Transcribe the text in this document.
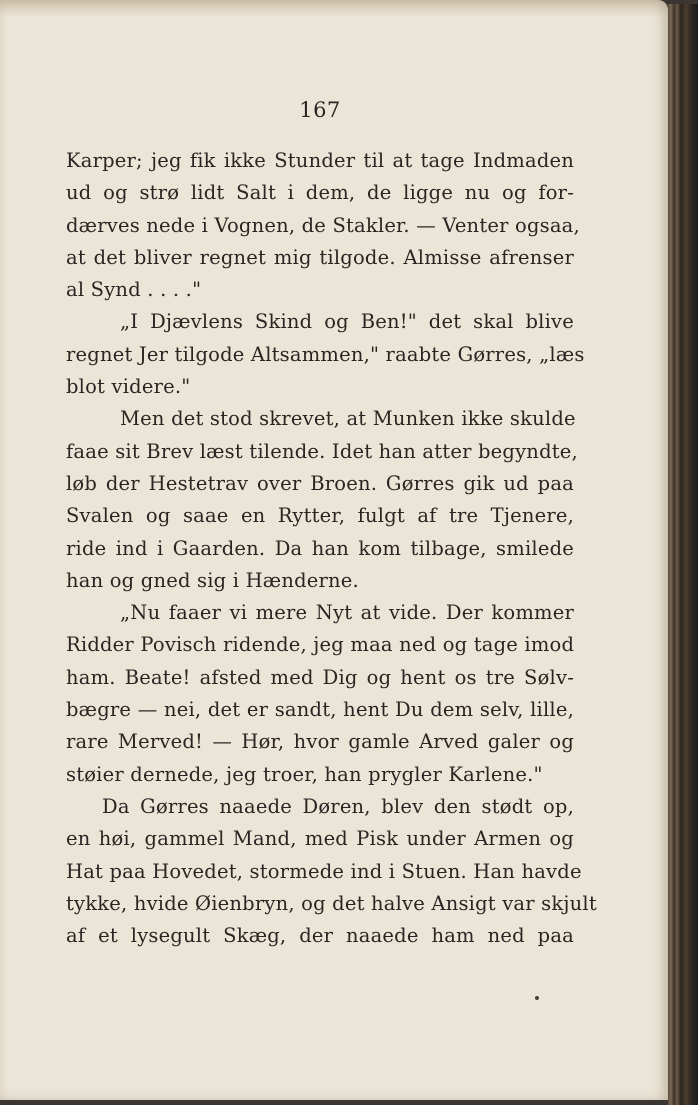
167
Karper; jeg fik ikke Stunder til at tage Indmaden
ud og strø lidt Salt i dem, de ligge nu og for-
dærves nede i Vognen, de Stakler. — Venter ogsaa,
at det bliver regnet mig tilgode. Almisse afrenser
al Synd . . . ."
„I Djævlens Skind og Ben!" det skal blive
regnet Jer tilgode Altsammen," raabte Gørres, „læs
blot videre."
Men det stod skrevet, at Munken ikke skulde
faae sit Brev læst tilende. Idet han atter begyndte,
løb der Hestetrav over Broen. Gørres gik ud paa
Svalen og saae en Rytter, fulgt af tre Tjenere,
ride ind i Gaarden. Da han kom tilbage, smilede
han og gned sig i Hænderne.
„Nu faaer vi mere Nyt at vide. Der kommer
Ridder Povisch ridende, jeg maa ned og tage imod
ham. Beate! afsted med Dig og hent os tre Sølv-
bægre — nei, det er sandt, hent Du dem selv, lille,
rare Merved! — Hør, hvor gamle Arved galer og
støier dernede, jeg troer, han prygler Karlene."
Da Gørres naaede Døren, blev den stødt op,
en høi, gammel Mand, med Pisk under Armen og
Hat paa Hovedet, stormede ind i Stuen. Han havde
tykke, hvide Øienbryn, og det halve Ansigt var skjult
af et lysegult Skæg, der naaede ham ned paa
